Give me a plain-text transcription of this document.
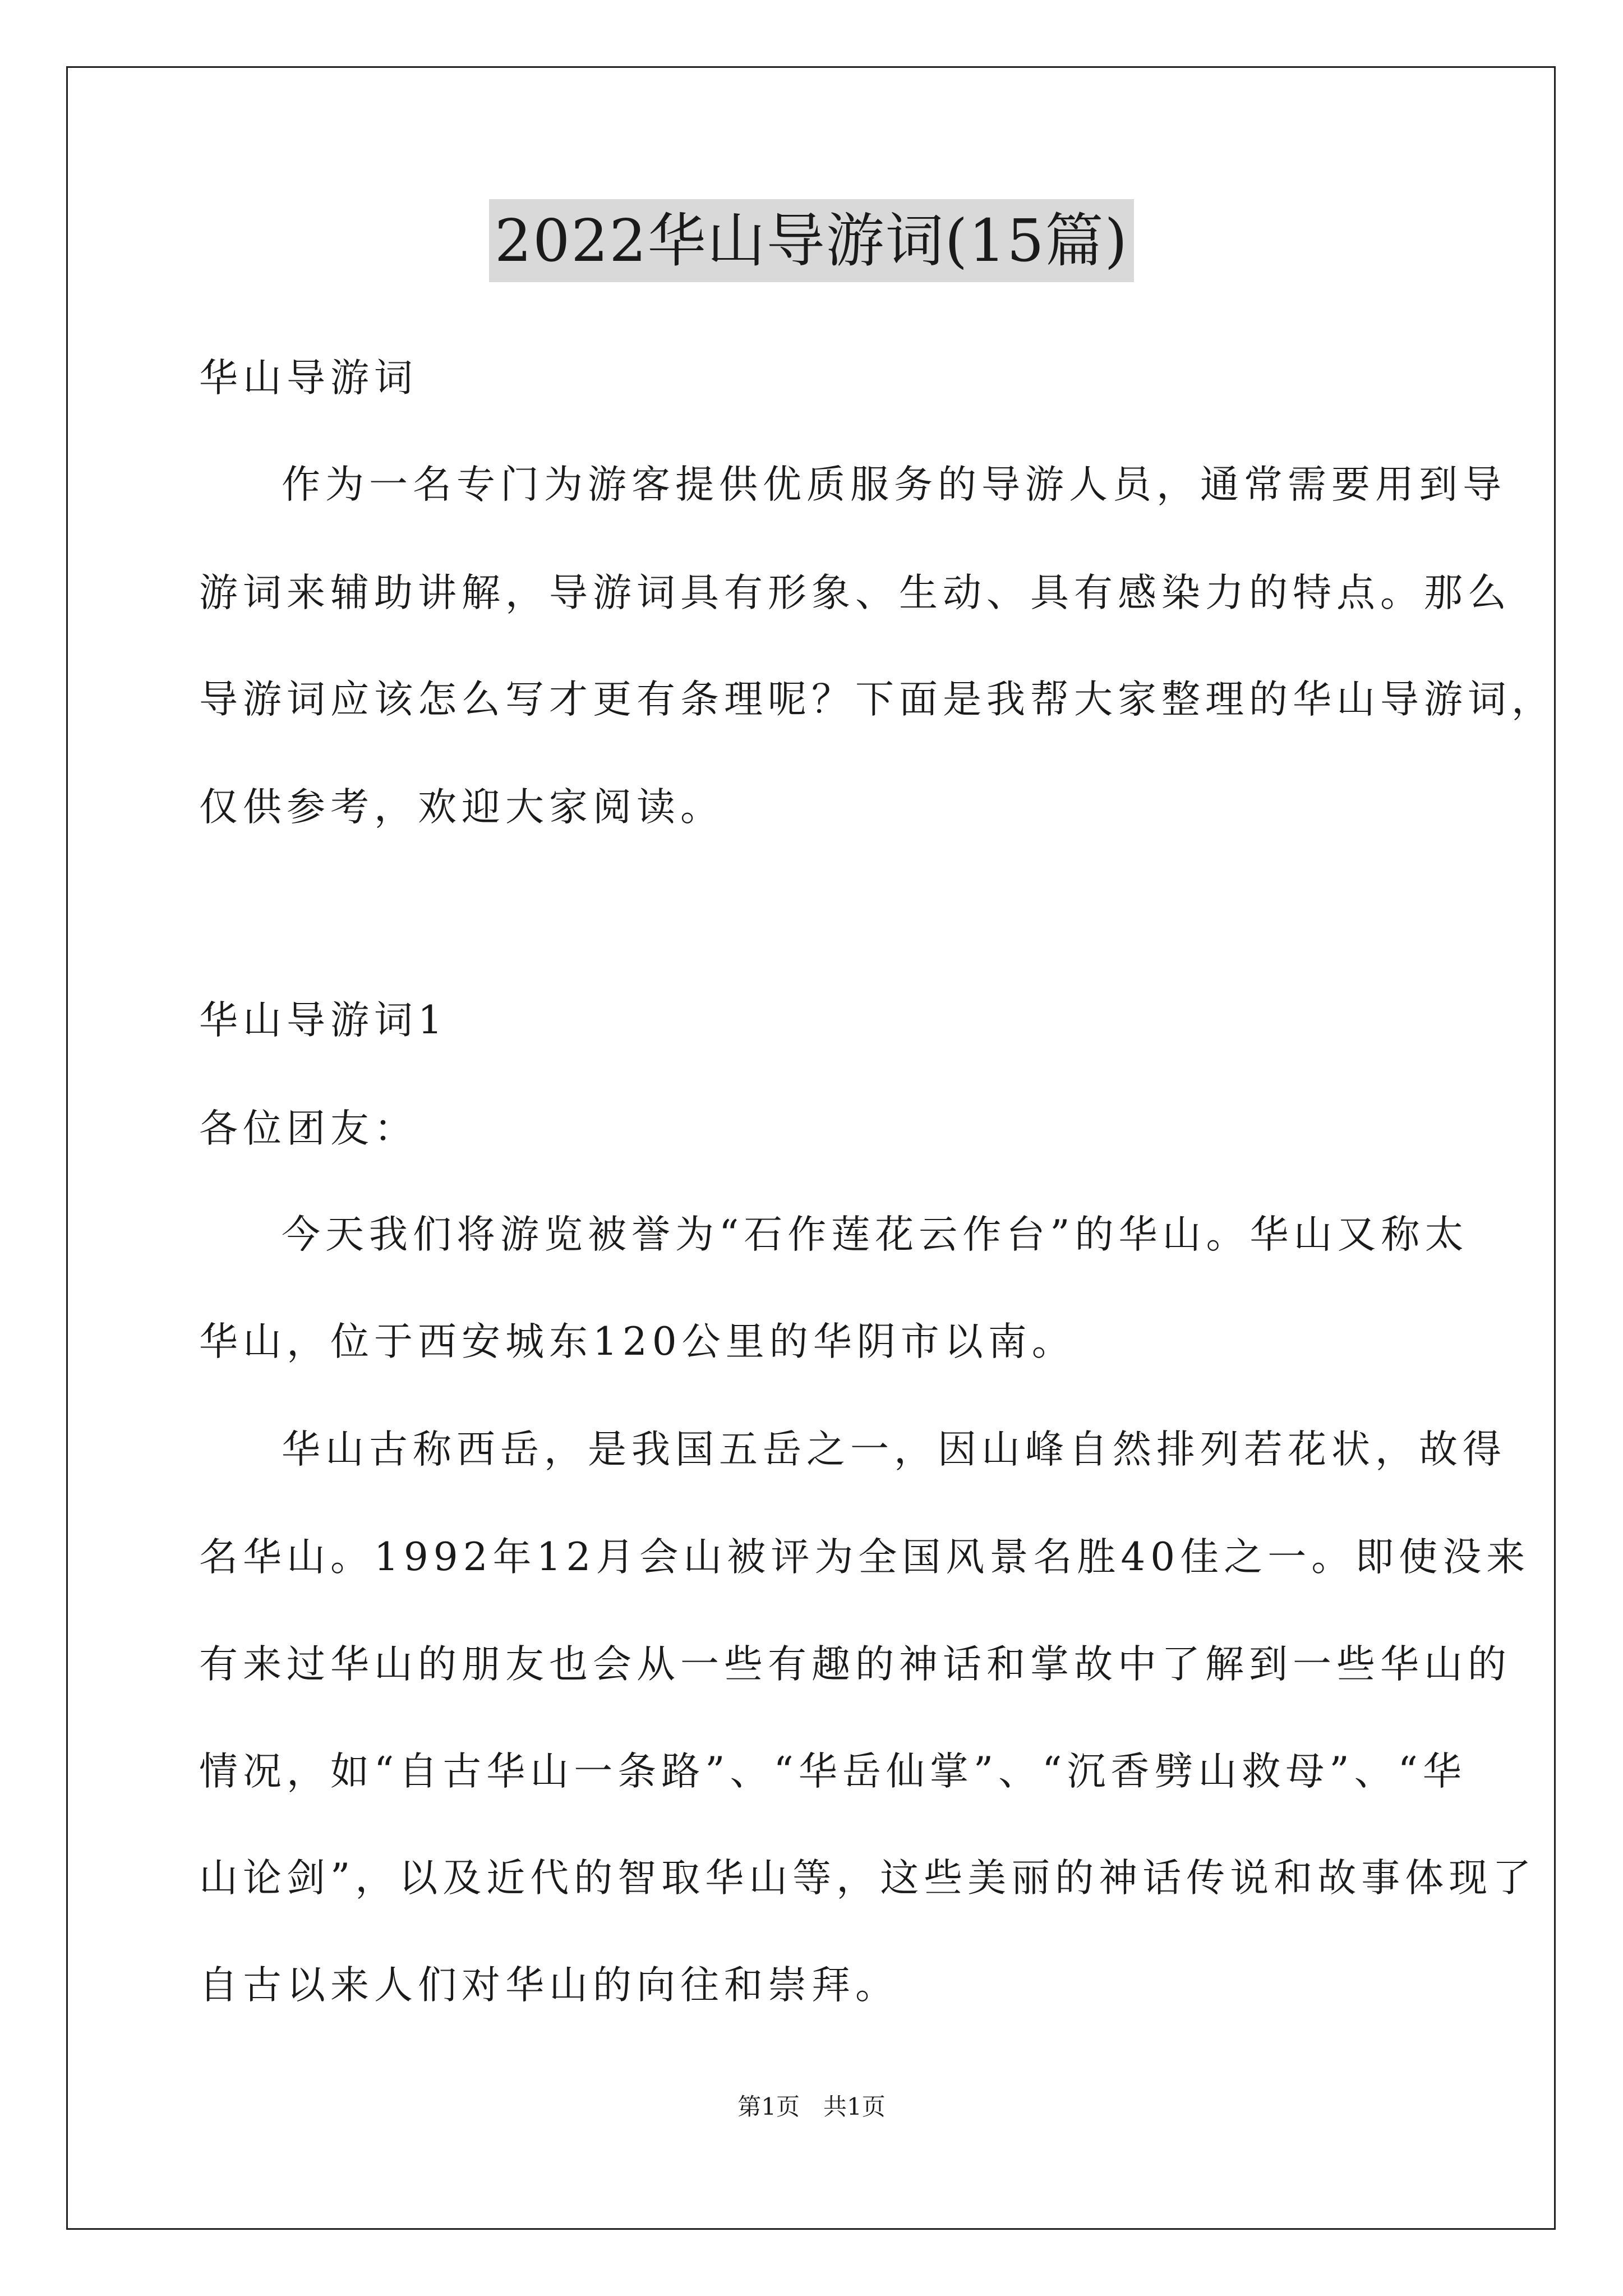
2022华山导游词(15篇)
华山导游词
作为一名专门为游客提供优质服务的导游人员，通常需要用到导
游词来辅助讲解，导游词具有形象、生动、具有感染力的特点。那么
导游词应该怎么写才更有条理呢？下面是我帮大家整理的华山导游词，
仅供参考，欢迎大家阅读。
华山导游词1
各位团友：
今天我们将游览被誉为“石作莲花云作台”的华山。华山又称太
华山，位于西安城东120公里的华阴市以南。
华山古称西岳，是我国五岳之一，因山峰自然排列若花状，故得
名华山。1992年12月会山被评为全国风景名胜40佳之一。即使没来
有来过华山的朋友也会从一些有趣的神话和掌故中了解到一些华山的
情况，如“自古华山一条路”、“华岳仙掌”、“沉香劈山救母”、“华
山论剑”，以及近代的智取华山等，这些美丽的神话传说和故事体现了
自古以来人们对华山的向往和崇拜。
第1页　共1页
